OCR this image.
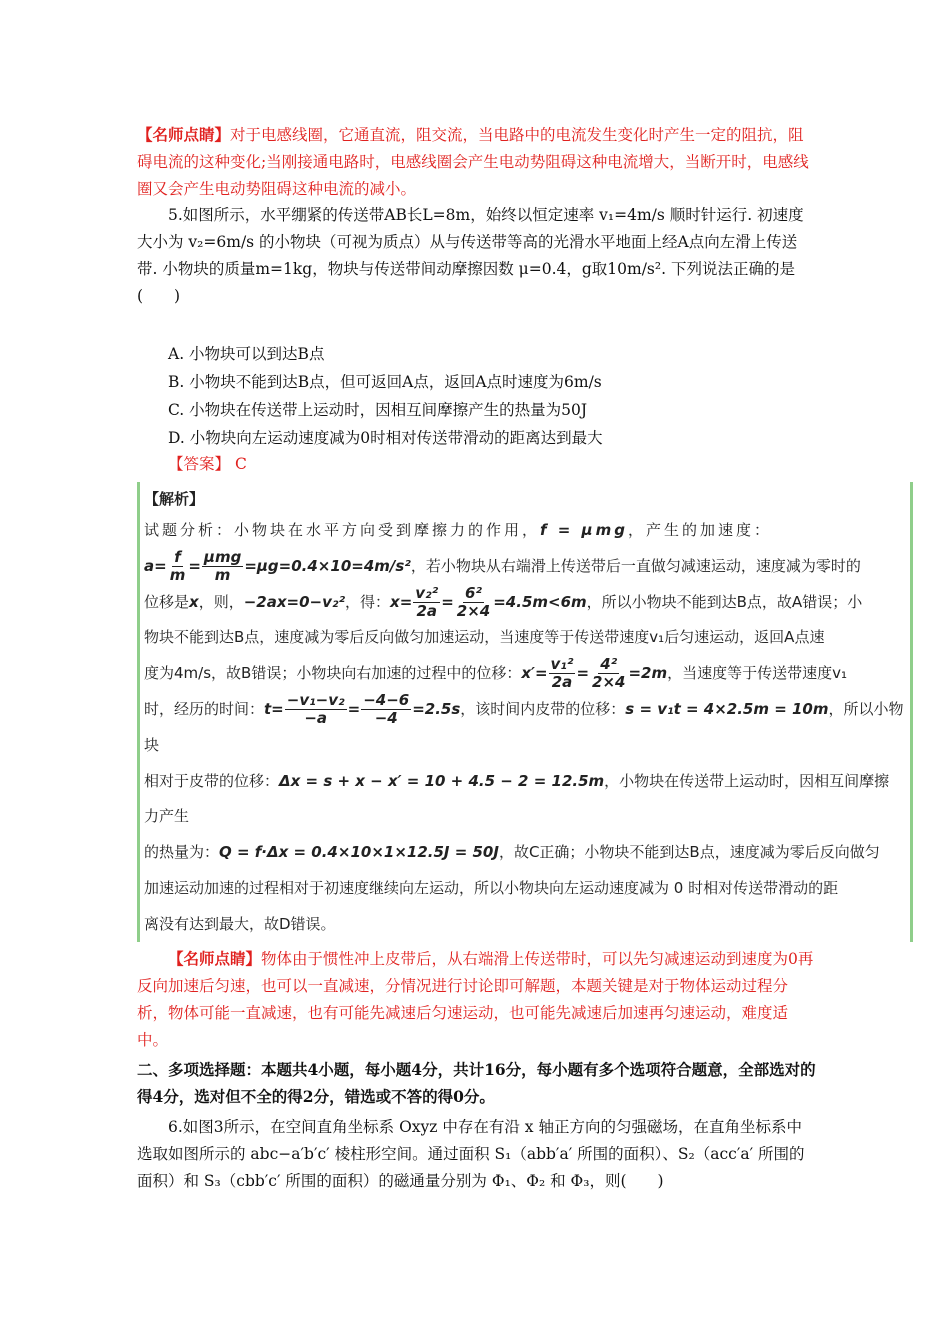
【名师点睛】对于电感线圈，它通直流，阻交流，当电路中的电流发生变化时产生一定的阻抗，阻碍电流的这种变化;当刚接通电路时，电感线圈会产生电动势阻碍这种电流增大，当断开时，电感线圈又会产生电动势阻碍这种电流的减小。
5.如图所示，水平绷紧的传送带AB长L=8m，始终以恒定速率 v₁=4m/s 顺时针运行. 初速度大小为 v₂=6m/s 的小物块（可视为质点）从与传送带等高的光滑水平地面上经A点向左滑上传送带. 小物块的质量m=1kg，物块与传送带间动摩擦因数 μ=0.4，g取10m/s². 下列说法正确的是(　　)
A. 小物块可以到达B点
B. 小物块不能到达B点，但可返回A点，返回A点时速度为6m/s
C. 小物块在传送带上运动时，因相互间摩擦产生的热量为50J
D. 小物块向左运动速度减为0时相对传送带滑动的距离达到最大
【答案】 C
【解析】
试题分析：小物块在水平方向受到摩擦力的作用，f = μmg，产生的加速度：
$a= \frac{f}{m} = \frac{\text{μmg}}{m} =\mu g=0.4\times 10=4m/s^2$，若小物块从右端滑上传送带后一直做匀减速运动，速度减为零时的
位移是x，则，−2ax=0−v₂²，得：$x= \frac{\text{v₂²}}{2a} = \frac{\text{6²}}{2\times 4} =4.5m<6m$，所以小物块不能到达B点，故A错误；小
物块不能到达B点，速度减为零后反向做匀加速运动，当速度等于传送带速度v₁后匀速运动，返回A点速
度为4m/s，故B错误；小物块向右加速的过程中的位移：$x'= \frac{\text{v₁²}}{2a} = \frac{\text{4²}}{2\times 4} =2m$，当速度等于传送带速度v₁
时，经历的时间：$t= \frac{\text{−v₁−v₂}}{-a} = \frac{-4-6}{-4} =2.5s$，该时间内皮带的位移：s = v₁t = 4×2.5m = 10m，所以小物块
相对于皮带的位移：Δx = s + x − x′ = 10 + 4.5 − 2 = 12.5m，小物块在传送带上运动时，因相互间摩擦力产生
的热量为：Q = f·Δx = 0.4×10×1×12.5J = 50J，故C正确；小物块不能到达B点，速度减为零后反向做匀
加速运动加速的过程相对于初速度继续向左运动，所以小物块向左运动速度减为 0 时相对传送带滑动的距
离没有达到最大，故D错误。
【名师点睛】物体由于惯性冲上皮带后，从右端滑上传送带时，可以先匀减速运动到速度为0再反向加速后匀速，也可以一直减速，分情况进行讨论即可解题，本题关键是对于物体运动过程分析，物体可能一直减速，也有可能先减速后匀速运动，也可能先减速后加速再匀速运动，难度适中。
二、多项选择题：本题共4小题，每小题4分，共计16分，每小题有多个选项符合题意，全部选对的得4分，选对但不全的得2分，错选或不答的得0分。
6.如图3所示，在空间直角坐标系 Oxyz 中存在有沿 x 轴正方向的匀强磁场，在直角坐标系中选取如图所示的 abc−a′b′c′ 棱柱形空间。通过面积 S₁（abb′a′ 所围的面积）、S₂（acc′a′ 所围的面积）和 S₃（cbb′c′ 所围的面积）的磁通量分别为 Φ₁、Φ₂ 和 Φ₃，则(　　)
